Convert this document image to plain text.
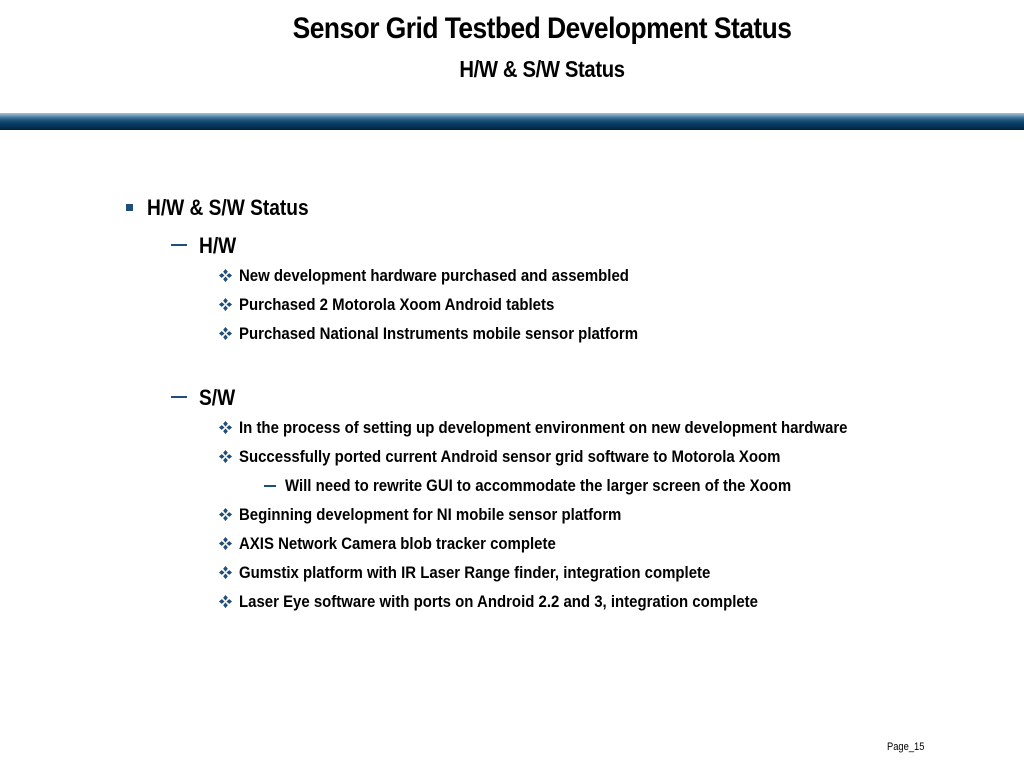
Sensor Grid Testbed Development Status
H/W & S/W Status
H/W & S/W Status
H/W
New development hardware purchased and assembled
Purchased 2 Motorola Xoom Android tablets
Purchased National Instruments mobile sensor platform
S/W
In the process of setting up development environment on new development hardware
Successfully ported current Android sensor grid software to Motorola Xoom
Will need to rewrite GUI to accommodate the larger screen of the Xoom
Beginning development for NI mobile sensor platform
AXIS Network Camera blob tracker complete
Gumstix platform with IR Laser Range finder, integration complete
Laser Eye software with ports on Android 2.2 and 3, integration complete
Page_15
